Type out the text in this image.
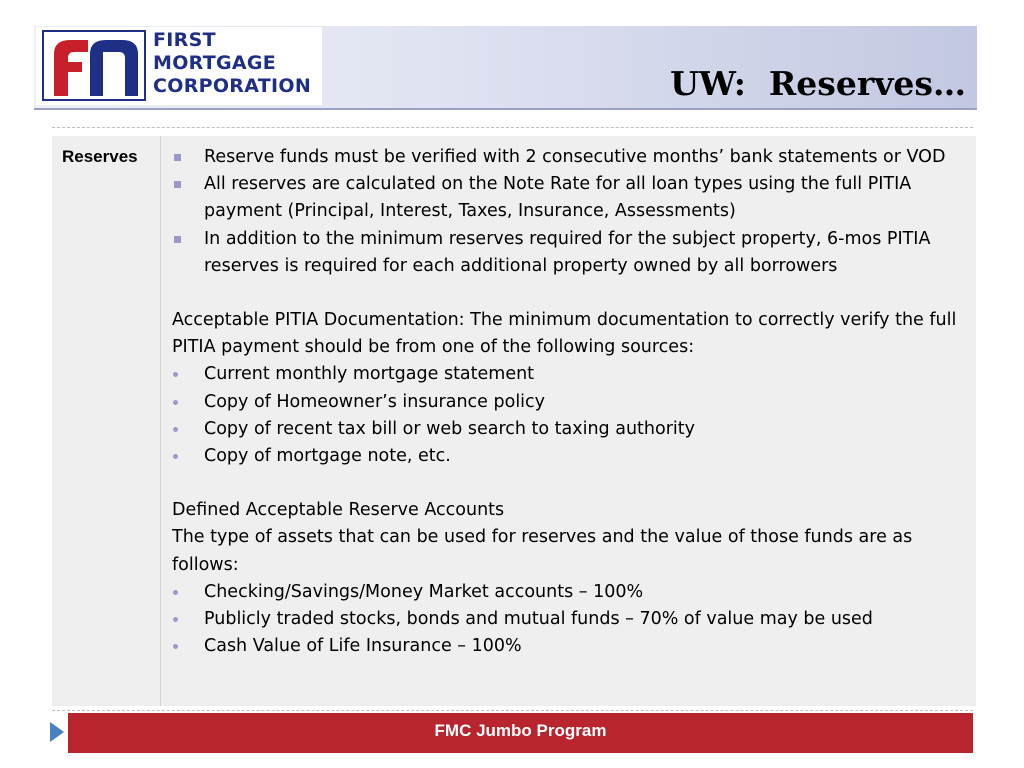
FIRST
MORTGAGE
CORPORATION	UW:  Reserves…
Reserves	Reserve funds must be verified with 2 consecutive months’ bank statements or VOD
All reserves are calculated on the Note Rate for all loan types using the full PITIA payment (Principal, Interest, Taxes, Insurance, Assessments)
In addition to the minimum reserves required for the subject property, 6-mos PITIA reserves is required for each additional property owned by all borrowers

Acceptable PITIA Documentation: The minimum documentation to correctly verify the full PITIA payment should be from one of the following sources:

Current monthly mortgage statement
Copy of Homeowner’s insurance policy
Copy of recent tax bill or web search to taxing authority
Copy of mortgage note, etc.

Defined Acceptable Reserve Accounts

The type of assets that can be used for reserves and the value of those funds are as follows:

Checking/Savings/Money Market accounts – 100%
Publicly traded stocks, bonds and mutual funds – 70% of value may be used
Cash Value of Life Insurance – 100%
FMC Jumbo Program
